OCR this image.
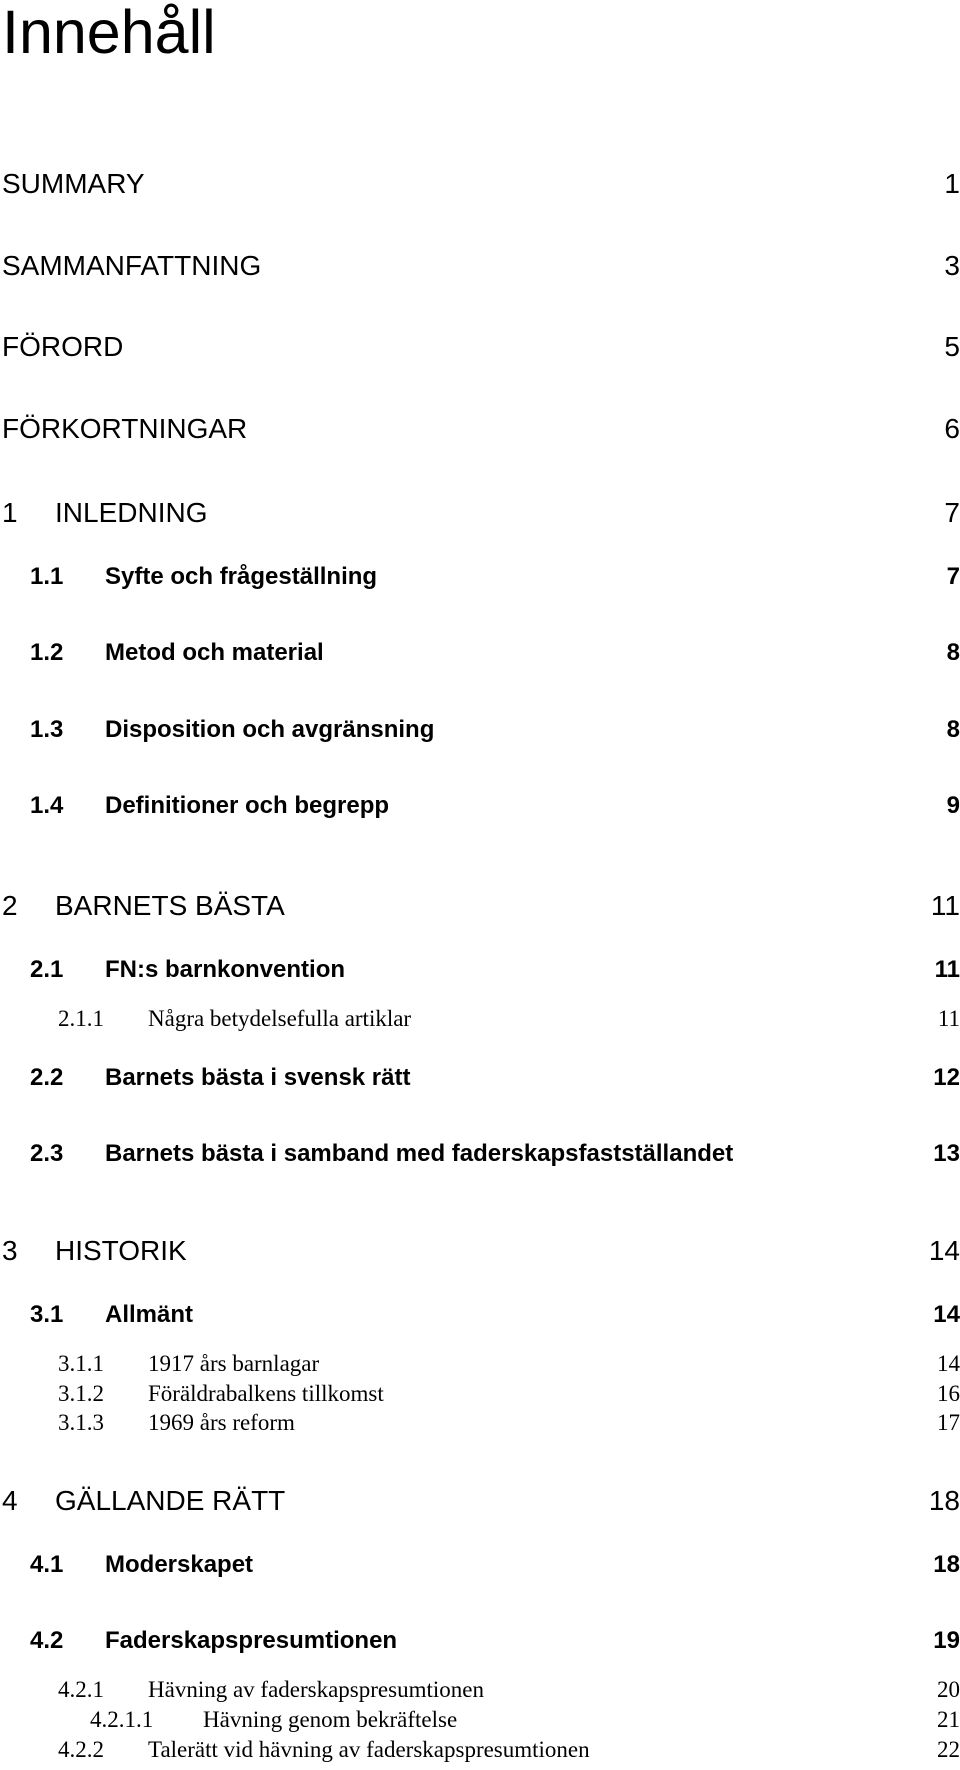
Innehåll
SUMMARY	1
SAMMANFATTNING	3
FÖRORD	5
FÖRKORTNINGAR	6
1 INLEDNING	7
1.1 Syfte och frågeställning	7
1.2 Metod och material	8
1.3 Disposition och avgränsning	8
1.4 Definitioner och begrepp	9
2 BARNETS BÄSTA	11
2.1 FN:s barnkonvention	11
2.1.1 Några betydelsefulla artiklar	11
2.2 Barnets bästa i svensk rätt	12
2.3 Barnets bästa i samband med faderskapsfastställandet	13
3 HISTORIK	14
3.1 Allmänt	14
3.1.1 1917 års barnlagar	14
3.1.2 Föräldrabalkens tillkomst	16
3.1.3 1969 års reform	17
4 GÄLLANDE RÄTT	18
4.1 Moderskapet	18
4.2 Faderskapspresumtionen	19
4.2.1 Hävning av faderskapspresumtionen	20
4.2.1.1 Hävning genom bekräftelse	21
4.2.2 Talerätt vid hävning av faderskapspresumtionen	22
